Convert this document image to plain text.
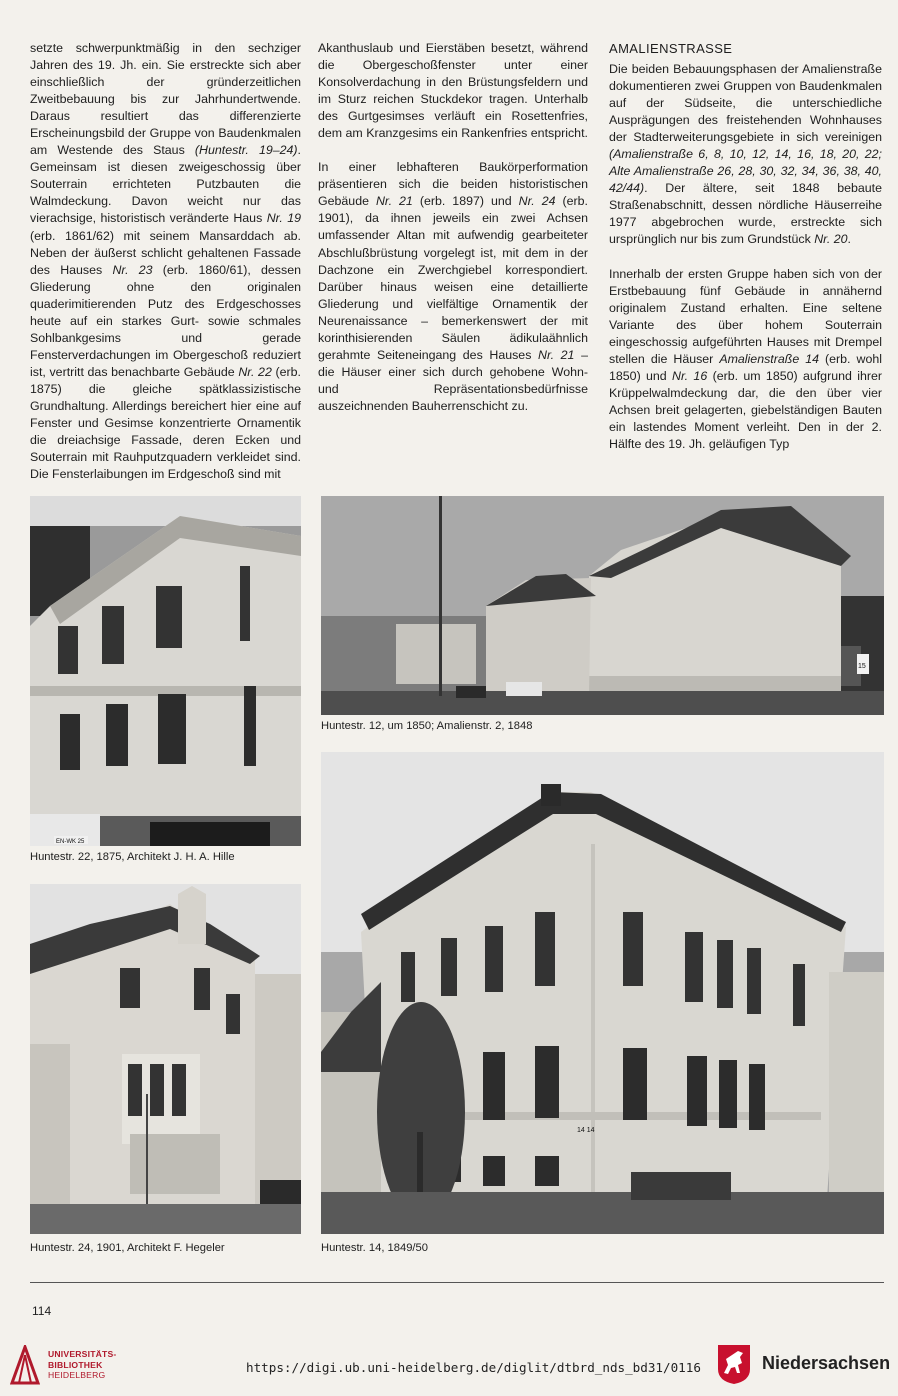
setzte schwerpunktmäßig in den sechziger Jahren des 19. Jh. ein. Sie erstreckte sich aber einschließlich der gründerzeitlichen Zweitbebauung bis zur Jahrhundertwende. Daraus resultiert das differenzierte Erscheinungsbild der Gruppe von Baudenkmalen am Westende des Staus (Huntestr. 19–24). Gemeinsam ist diesen zweigeschossig über Souterrain errichteten Putzbauten die Walmdeckung. Davon weicht nur das vierachsige, historistisch veränderte Haus Nr. 19 (erb. 1861/62) mit seinem Mansarddach ab. Neben der äußerst schlicht gehaltenen Fassade des Hauses Nr. 23 (erb. 1860/61), dessen Gliederung ohne den originalen quaderimitierenden Putz des Erdgeschosses heute auf ein starkes Gurt- sowie schmales Sohlbankgesims und gerade Fensterverdachungen im Obergeschoß reduziert ist, vertritt das benachbarte Gebäude Nr. 22 (erb. 1875) die gleiche spätklassizistische Grundhaltung. Allerdings bereichert hier eine auf Fenster und Gesimse konzentrierte Ornamentik die dreiachsige Fassade, deren Ecken und Souterrain mit Rauhputzquadern verkleidet sind. Die Fensterlaibungen im Erdgeschoß sind mit

Akanthuslaub und Eierstäben besetzt, während die Obergeschoßfenster unter einer Konsolverdachung in den Brüstungsfeldern und im Sturz reichen Stuckdekor tragen. Unterhalb des Gurtgesimses verläuft ein Rosettenfries, dem am Kranzgesims ein Rankenfries entspricht.

In einer lebhafteren Baukörperformation präsentieren sich die beiden historistischen Gebäude Nr. 21 (erb. 1897) und Nr. 24 (erb. 1901), da ihnen jeweils ein zwei Achsen umfassender Altan mit aufwendig gearbeiteter Abschlußbrüstung vorgelegt ist, mit dem in der Dachzone ein Zwerchgiebel korrespondiert. Darüber hinaus weisen eine detaillierte Gliederung und vielfältige Ornamentik der Neurenaissance – bemerkenswert der mit korinthisierenden Säulen ädikulaähnlich gerahmte Seiteneingang des Hauses Nr. 21 – die Häuser einer sich durch gehobene Wohn- und Repräsentationsbedürfnisse auszeichnenden Bauherrenschicht zu.

AMALIENSTRASSE

Die beiden Bebauungsphasen der Amalienstraße dokumentieren zwei Gruppen von Baudenkmalen auf der Südseite, die unterschiedliche Ausprägungen des freistehenden Wohnhauses der Stadterweiterungsgebiete in sich vereinigen (Amalienstraße 6, 8, 10, 12, 14, 16, 18, 20, 22; Alte Amalienstraße 26, 28, 30, 32, 34, 36, 38, 40, 42/44). Der ältere, seit 1848 bebaute Straßenabschnitt, dessen nördliche Häuserreihe 1977 abgebrochen wurde, erstreckte sich ursprünglich nur bis zum Grundstück Nr. 20.

Innerhalb der ersten Gruppe haben sich von der Erstbebauung fünf Gebäude in annähernd originalem Zustand erhalten. Eine seltene Variante des über hohem Souterrain eingeschossig aufgeführten Hauses mit Drempel stellen die Häuser Amalienstraße 14 (erb. wohl 1850) und Nr. 16 (erb. um 1850) aufgrund ihrer Krüppelwalmdeckung dar, die den über vier Achsen breit gelagerten, giebelständigen Bauten ein lastendes Moment verleiht. Den in der 2. Hälfte des 19. Jh. geläufigen Typ

EN-WK 25
Huntestr. 22, 1875, Architekt J. H. A. Hille
15
Huntestr. 12, um 1850; Amalienstr. 2, 1848
Huntestr. 24, 1901, Architekt F. Hegeler
14 14
Huntestr. 14, 1849/50
114
UNIVERSITÄTS-
BIBLIOTHEK
HEIDELBERG	https://digi.ub.uni-heidelberg.de/diglit/dtbrd_nds_bd31/0116	Niedersachsen
